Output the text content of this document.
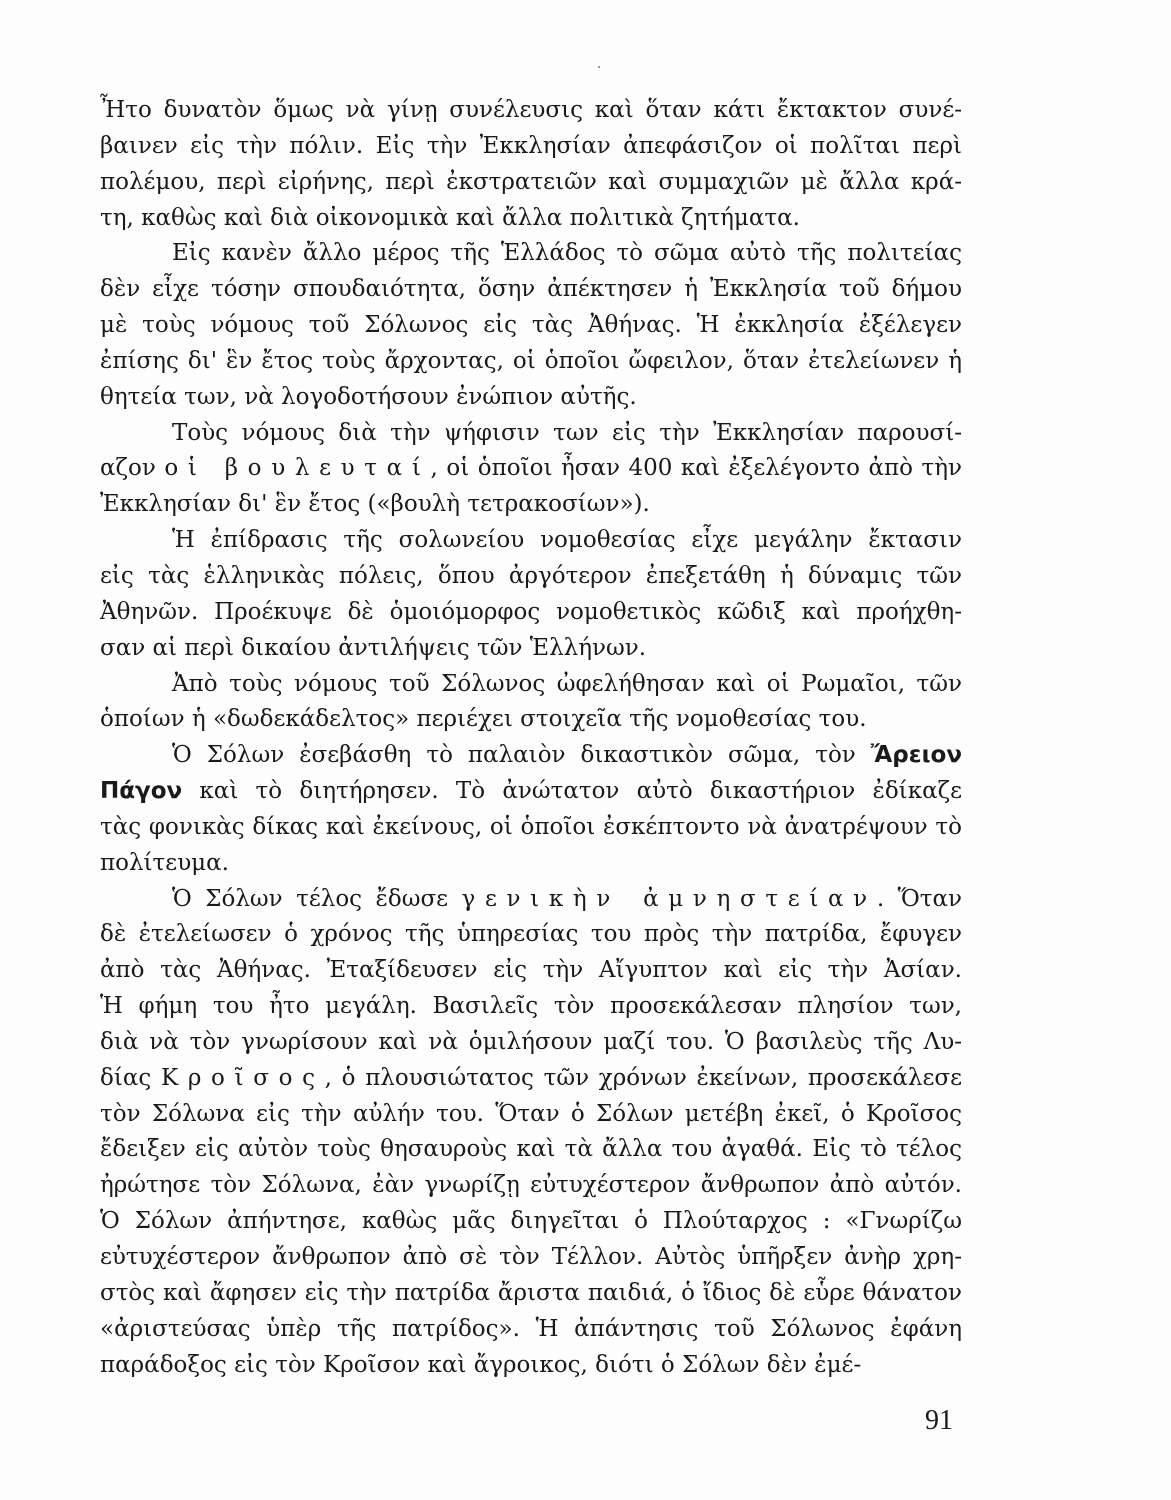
Ἦτο δυνατὸν ὅμως νὰ γίνῃ συνέλευσις καὶ ὅταν κάτι ἔκτακτον συνέ-
βαινεν εἰς τὴν πόλιν. Εἰς τὴν Ἐκκλησίαν ἀπεφάσιζον οἱ πολῖται περὶ
πολέμου, περὶ εἰρήνης, περὶ ἐκστρατειῶν καὶ συμμαχιῶν μὲ ἄλλα κρά-
τη, καθὼς καὶ διὰ οἰκονομικὰ καὶ ἄλλα πολιτικὰ ζητήματα.
Εἰς κανὲν ἄλλο μέρος τῆς Ἑλλάδος τὸ σῶμα αὐτὸ τῆς πολιτείας
δὲν εἶχε τόσην σπουδαιότητα, ὅσην ἀπέκτησεν ἡ Ἐκκλησία τοῦ δήμου
μὲ τοὺς νόμους τοῦ Σόλωνος εἰς τὰς Ἀθήνας. Ἡ ἐκκλησία ἐξέλεγεν
ἐπίσης δι' ἓν ἔτος τοὺς ἄρχοντας, οἱ ὁποῖοι ὤφειλον, ὅταν ἐτελείωνεν ἡ
θητεία των, νὰ λογοδοτήσουν ἐνώπιον αὐτῆς.
Τοὺς νόμους διὰ τὴν ψήφισιν των εἰς τὴν Ἐκκλησίαν παρουσί-
αζον οἱ βουλευταί, οἱ ὁποῖοι ἦσαν 400 καὶ ἐξελέγοντο ἀπὸ τὴν
Ἐκκλησίαν δι' ἓν ἔτος («βουλὴ τετρακοσίων»).
Ἡ ἐπίδρασις τῆς σολωνείου νομοθεσίας εἶχε μεγάλην ἔκτασιν
εἰς τὰς ἑλληνικὰς πόλεις, ὅπου ἀργότερον ἐπεξετάθη ἡ δύναμις τῶν
Ἀθηνῶν. Προέκυψε δὲ ὁμοιόμορφος νομοθετικὸς κῶδιξ καὶ προήχθη-
σαν αἱ περὶ δικαίου ἀντιλήψεις τῶν Ἑλλήνων.
Ἀπὸ τοὺς νόμους τοῦ Σόλωνος ὠφελήθησαν καὶ οἱ Ρωμαῖοι, τῶν
ὁποίων ἡ «δωδεκάδελτος» περιέχει στοιχεῖα τῆς νομοθεσίας του.
Ὁ Σόλων ἐσεβάσθη τὸ παλαιὸν δικαστικὸν σῶμα, τὸν Ἄρειον
Πάγον καὶ τὸ διητήρησεν. Τὸ ἀνώτατον αὐτὸ δικαστήριον ἐδίκαζε
τὰς φονικὰς δίκας καὶ ἐκείνους, οἱ ὁποῖοι ἐσκέπτοντο νὰ ἀνατρέψουν τὸ
πολίτευμα.
Ὁ Σόλων τέλος ἔδωσε γενικὴν ἀμνηστείαν. Ὅταν
δὲ ἐτελείωσεν ὁ χρόνος τῆς ὑπηρεσίας του πρὸς τὴν πατρίδα, ἔφυγεν
ἀπὸ τὰς Ἀθήνας. Ἐταξίδευσεν εἰς τὴν Αἴγυπτον καὶ εἰς τὴν Ἀσίαν.
Ἡ φήμη του ἦτο μεγάλη. Βασιλεῖς τὸν προσεκάλεσαν πλησίον των,
διὰ νὰ τὸν γνωρίσουν καὶ νὰ ὁμιλήσουν μαζί του. Ὁ βασιλεὺς τῆς Λυ-
δίας Κροῖσος, ὁ πλουσιώτατος τῶν χρόνων ἐκείνων, προσεκάλεσε
τὸν Σόλωνα εἰς τὴν αὐλήν του. Ὅταν ὁ Σόλων μετέβη ἐκεῖ, ὁ Κροῖσος
ἔδειξεν εἰς αὐτὸν τοὺς θησαυροὺς καὶ τὰ ἄλλα του ἀγαθά. Εἰς τὸ τέλος
ἠρώτησε τὸν Σόλωνα, ἐὰν γνωρίζῃ εὐτυχέστερον ἄνθρωπον ἀπὸ αὐτόν.
Ὁ Σόλων ἀπήντησε, καθὼς μᾶς διηγεῖται ὁ Πλούταρχος : «Γνωρίζω
εὐτυχέστερον ἄνθρωπον ἀπὸ σὲ τὸν Τέλλον. Αὐτὸς ὑπῆρξεν ἀνὴρ χρη-
στὸς καὶ ἄφησεν εἰς τὴν πατρίδα ἄριστα παιδιά, ὁ ἴδιος δὲ εὗρε θάνατον
«ἀριστεύσας ὑπὲρ τῆς πατρίδος». Ἡ ἀπάντησις τοῦ Σόλωνος ἐφάνη
παράδοξος εἰς τὸν Κροῖσον καὶ ἄγροικος, διότι ὁ Σόλων δὲν ἐμέ-
91
